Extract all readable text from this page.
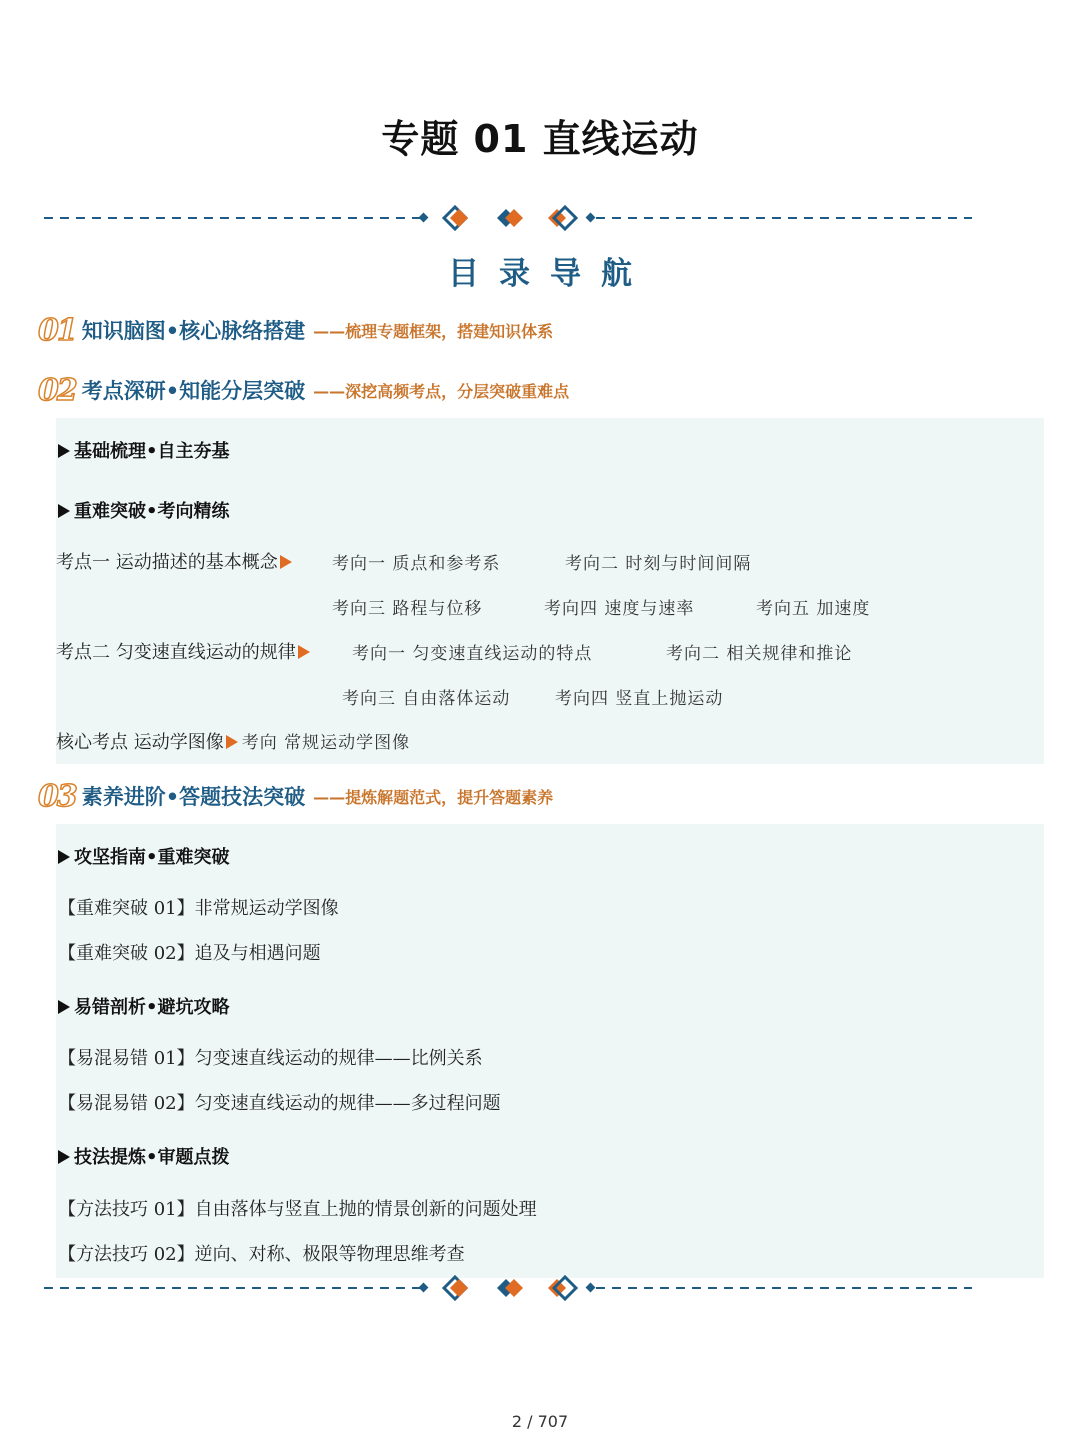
专题 01 直线运动
目录导航
01 知识脑图•核心脉络搭建 ——梳理专题框架，搭建知识体系
02 考点深研•知能分层突破 ——深挖高频考点，分层突破重难点
基础梳理•自主夯基
重难突破•考向精练
考点一 运动描述的基本概念	考向一 质点和参考系	考向二 时刻与时间间隔
考向三 路程与位移	考向四 速度与速率	考向五 加速度
考点二 匀变速直线运动的规律	考向一 匀变速直线运动的特点	考向二 相关规律和推论
考向三 自由落体运动	考向四 竖直上抛运动
核心考点 运动学图像 考向 常规运动学图像
03 素养进阶•答题技法突破 ——提炼解题范式，提升答题素养
攻坚指南•重难突破
【重难突破 01】非常规运动学图像
【重难突破 02】追及与相遇问题
易错剖析•避坑攻略
【易混易错 01】匀变速直线运动的规律——比例关系
【易混易错 02】匀变速直线运动的规律——多过程问题
技法提炼•审题点拨
【方法技巧 01】自由落体与竖直上抛的情景创新的问题处理
【方法技巧 02】逆向、对称、极限等物理思维考查
2 / 707
